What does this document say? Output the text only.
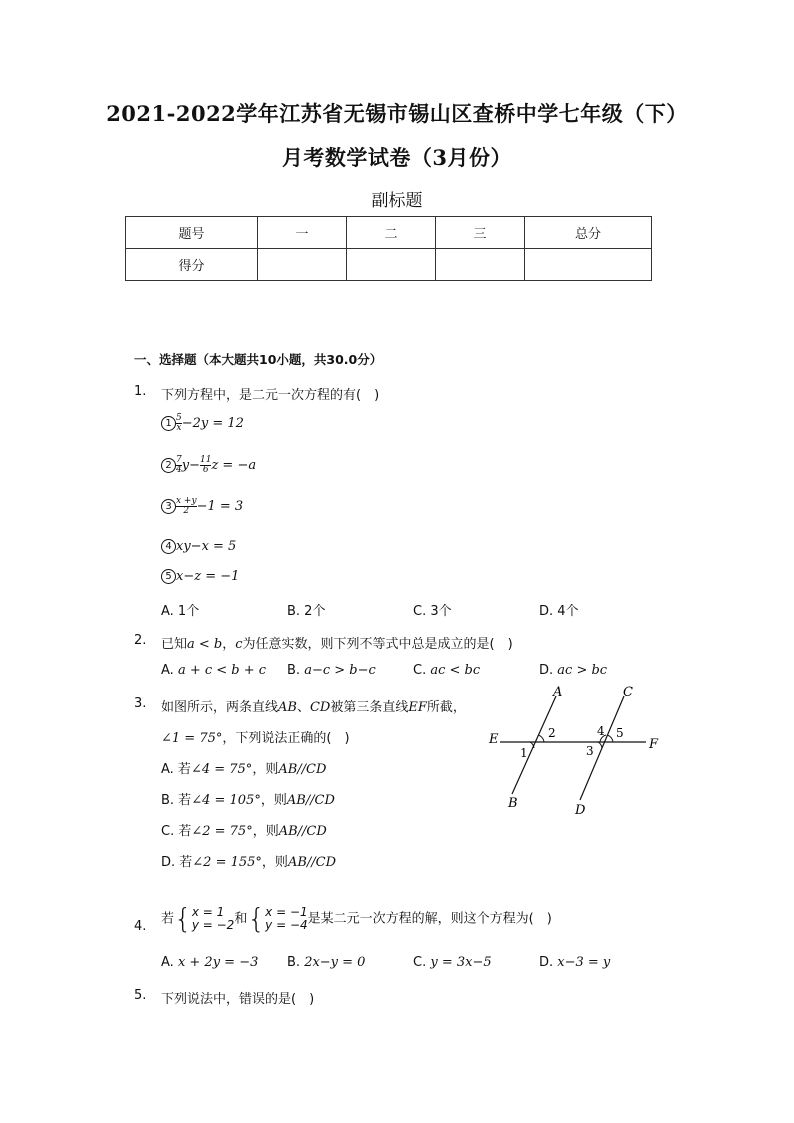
2021-2022学年江苏省无锡市锡山区查桥中学七年级（下）
月考数学试卷（3月份）
副标题
题号	一	二	三	总分
得分				
一、选择题（本大题共10小题，共30.0分）
1. 下列方程中，是二元一次方程的有(　)
$1 \frac{5}{x} -2y = 12$
$2 \frac{7}{4} y- \frac{11}{6}$ z = −a
$3 \frac{x +y}{2} -1 = 3$
4 xy−x = 5
5 x−z = −1
A. 1个	B. 2个	C. 3个	D. 4个
2. 已知a < b，c为任意实数，则下列不等式中总是成立的是(　)
A. a + c < b + c B. a−c > b−c	C. ac < bc	D. ac > bc
3. 如图所示，两条直线AB、CD被第三条直线EF所截，
∠1 = 75°，下列说法正确的(　)
A. 若∠4 = 75°，则AB//CD
B. 若∠4 = 105°，则AB//CD
C. 若∠2 = 75°，则AB//CD
D. 若∠2 = 155°，则AB//CD
A
B
C
D
E	F
1
2
3
4 5
4. 若{ x = 1
y = −2 和{ x = −1
y = −4 是某二元一次方程的解，则这个方程为(　)
A. x + 2y = −3 B. 2x−y = 0	C. y = 3x−5	D. x−3 = y
5. 下列说法中，错误的是(　)
